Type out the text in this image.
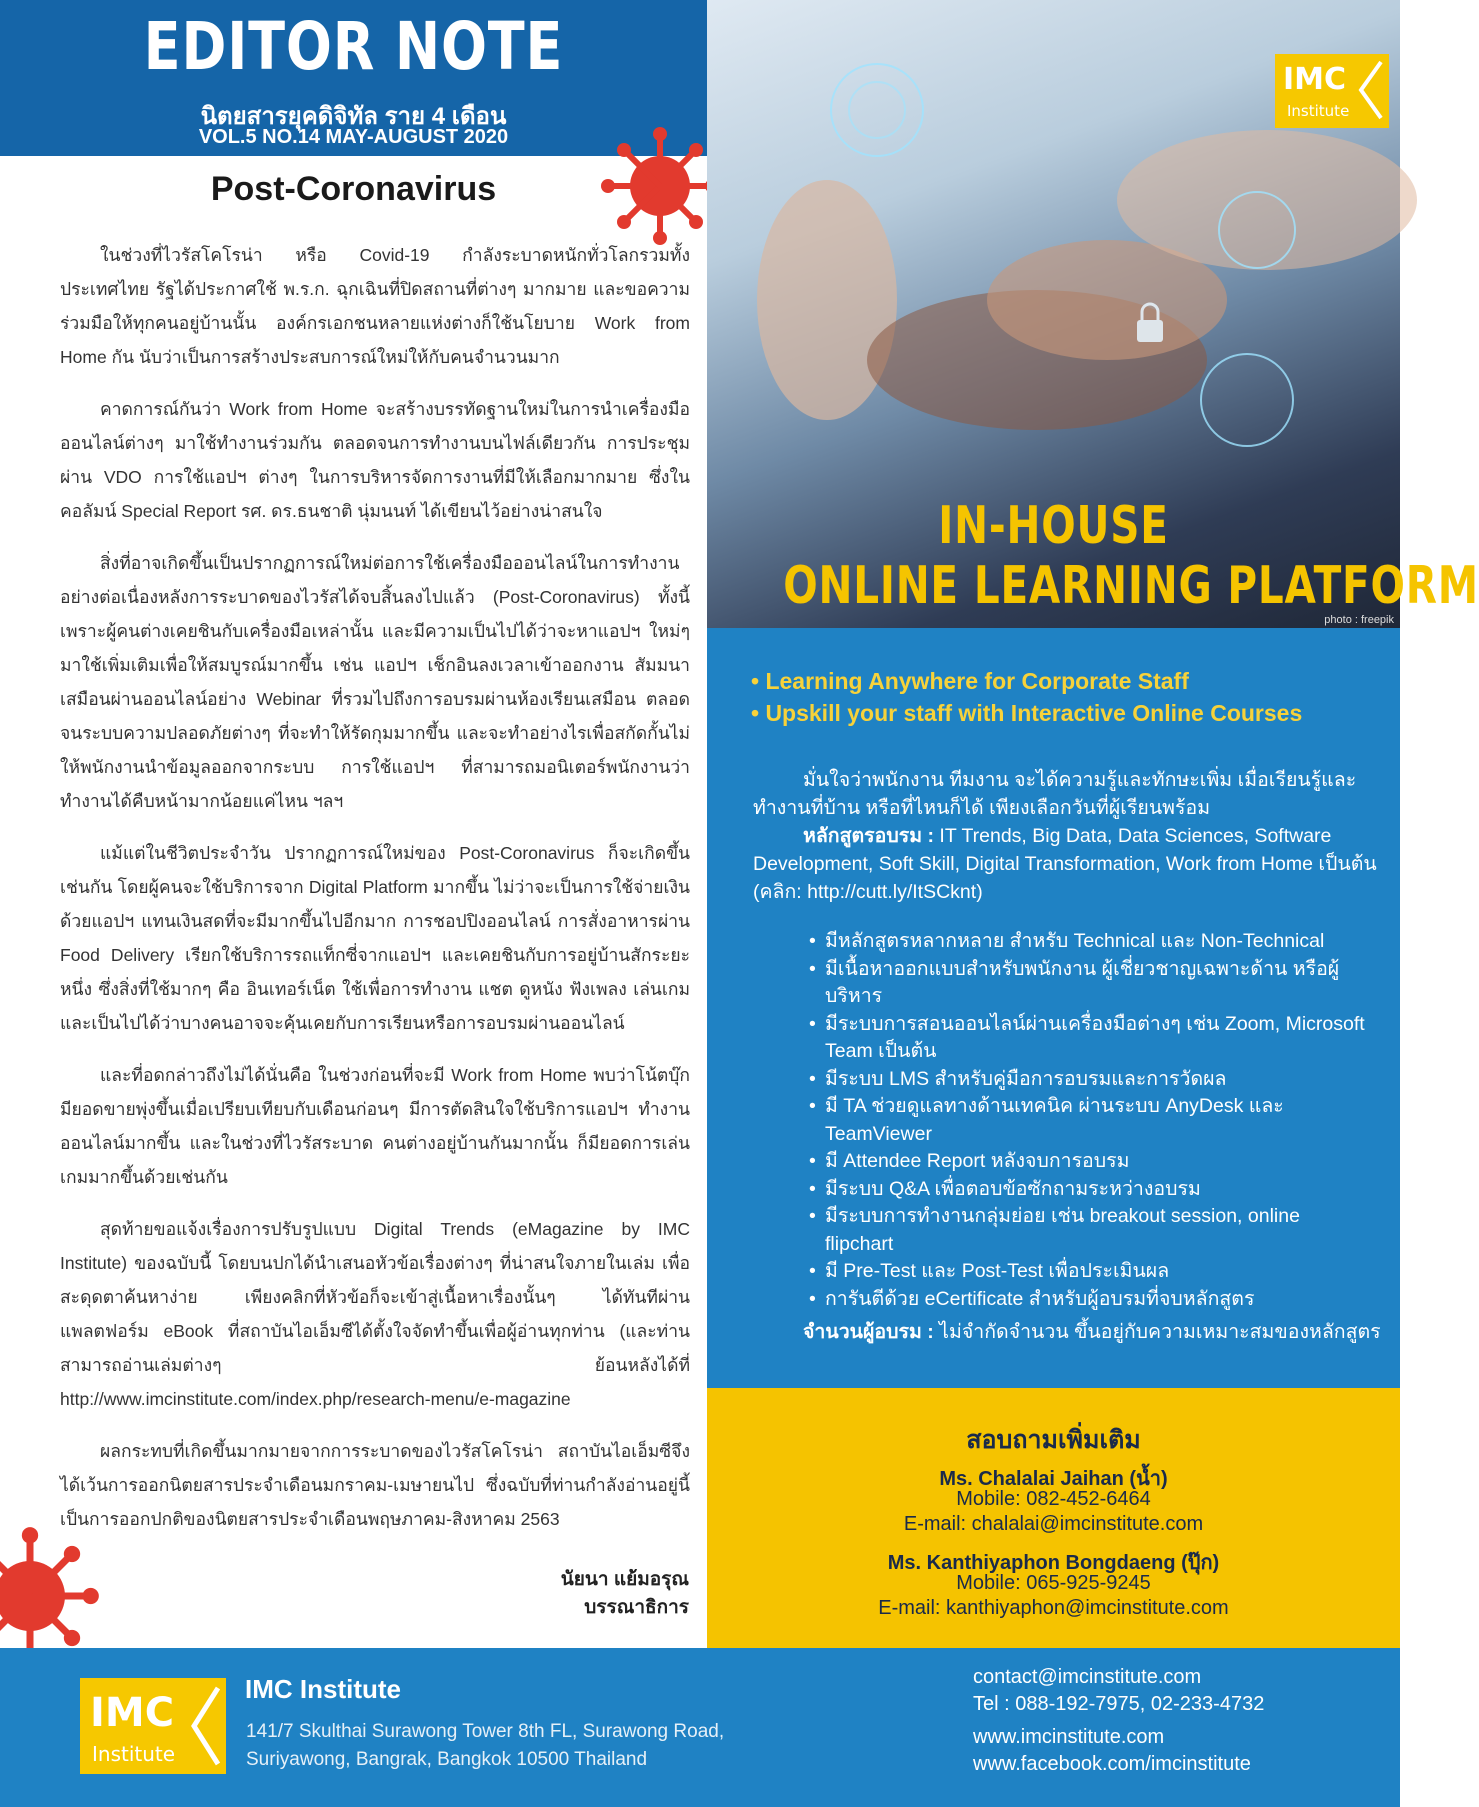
EDITOR NOTE
นิตยสารยุคดิจิทัล ราย 4 เดือน
VOL.5 NO.14 MAY-AUGUST 2020
Post-Coronavirus

ในช่วงที่ไวรัสโคโรน่า หรือ Covid-19 กำลังระบาดหนักทั่วโลกรวมทั้งประเทศไทย รัฐได้ประกาศใช้ พ.ร.ก. ฉุกเฉินที่ปิดสถานที่ต่างๆ มากมาย และขอความร่วมมือให้ทุกคนอยู่บ้านนั้น องค์กรเอกชนหลายแห่งต่างก็ใช้นโยบาย Work from Home กัน นับว่าเป็นการสร้างประสบการณ์ใหม่ให้กับคนจำนวนมาก

คาดการณ์กันว่า Work from Home จะสร้างบรรทัดฐานใหม่ในการนำเครื่องมือออนไลน์ต่างๆ มาใช้ทำงานร่วมกัน ตลอดจนการทำงานบนไฟล์เดียวกัน การประชุมผ่าน VDO การใช้แอปฯ ต่างๆ ในการบริหารจัดการงานที่มีให้เลือกมากมาย ซึ่งในคอลัมน์ Special Report รศ. ดร.ธนชาติ นุ่มนนท์ ได้เขียนไว้อย่างน่าสนใจ

สิ่งที่อาจเกิดขึ้นเป็นปรากฏการณ์ใหม่ต่อการใช้เครื่องมือออนไลน์ในการทำงานอย่างต่อเนื่องหลังการระบาดของไวรัสได้จบสิ้นลงไปแล้ว (Post-Coronavirus) ทั้งนี้เพราะผู้คนต่างเคยชินกับเครื่องมือเหล่านั้น และมีความเป็นไปได้ว่าจะหาแอปฯ ใหม่ๆ มาใช้เพิ่มเติมเพื่อให้สมบูรณ์มากขึ้น เช่น แอปฯ เช็กอินลงเวลาเข้าออกงาน สัมมนาเสมือนผ่านออนไลน์อย่าง Webinar ที่รวมไปถึงการอบรมผ่านห้องเรียนเสมือน ตลอดจนระบบความปลอดภัยต่างๆ ที่จะทำให้รัดกุมมากขึ้น และจะทำอย่างไรเพื่อสกัดกั้นไม่ให้พนักงานนำข้อมูลออกจากระบบ การใช้แอปฯ ที่สามารถมอนิเตอร์พนักงานว่าทำงานได้คืบหน้ามากน้อยแค่ไหน ฯลฯ

แม้แต่ในชีวิตประจำวัน ปรากฏการณ์ใหม่ของ Post-Coronavirus ก็จะเกิดขึ้นเช่นกัน โดยผู้คนจะใช้บริการจาก Digital Platform มากขึ้น ไม่ว่าจะเป็นการใช้จ่ายเงินด้วยแอปฯ แทนเงินสดที่จะมีมากขึ้นไปอีกมาก การชอปปิงออนไลน์ การสั่งอาหารผ่าน Food Delivery เรียกใช้บริการรถแท็กซี่จากแอปฯ และเคยชินกับการอยู่บ้านสักระยะหนึ่ง ซึ่งสิ่งที่ใช้มากๆ คือ อินเทอร์เน็ต ใช้เพื่อการทำงาน แชต ดูหนัง ฟังเพลง เล่นเกม และเป็นไปได้ว่าบางคนอาจจะคุ้นเคยกับการเรียนหรือการอบรมผ่านออนไลน์

และที่อดกล่าวถึงไม่ได้นั่นคือ ในช่วงก่อนที่จะมี Work from Home พบว่าโน้ตบุ๊กมียอดขายพุ่งขึ้นเมื่อเปรียบเทียบกับเดือนก่อนๆ มีการตัดสินใจใช้บริการแอปฯ ทำงานออนไลน์มากขึ้น และในช่วงที่ไวรัสระบาด คนต่างอยู่บ้านกันมากนั้น ก็มียอดการเล่นเกมมากขึ้นด้วยเช่นกัน

สุดท้ายขอแจ้งเรื่องการปรับรูปแบบ Digital Trends (eMagazine by IMC Institute) ของฉบับนี้ โดยบนปกได้นำเสนอหัวข้อเรื่องต่างๆ ที่น่าสนใจภายในเล่ม เพื่อสะดุดตาค้นหาง่าย เพียงคลิกที่หัวข้อก็จะเข้าสู่เนื้อหาเรื่องนั้นๆ ได้ทันทีผ่านแพลตฟอร์ม eBook ที่สถาบันไอเอ็มซีได้ตั้งใจจัดทำขึ้นเพื่อผู้อ่านทุกท่าน (และท่านสามารถอ่านเล่มต่างๆ ย้อนหลังได้ที่ http://www.imcinstitute.com/index.php/research-menu/e-magazine

ผลกระทบที่เกิดขึ้นมากมายจากการระบาดของไวรัสโคโรน่า สถาบันไอเอ็มซีจึงได้เว้นการออกนิตยสารประจำเดือนมกราคม-เมษายนไป ซึ่งฉบับที่ท่านกำลังอ่านอยู่นี้เป็นการออกปกติของนิตยสารประจำเดือนพฤษภาคม-สิงหาคม 2563

นัยนา แย้มอรุณ
บรรณาธิการ
IN-HOUSE
ONLINE LEARNING PLATFORM
photo : freepik
IMC
Institute
• Learning Anywhere for Corporate Staff
• Upskill your staff with Interactive Online Courses
มั่นใจว่าพนักงาน ทีมงาน จะได้ความรู้และทักษะเพิ่ม เมื่อเรียนรู้และทำงานที่บ้าน หรือที่ไหนก็ได้ เพียงเลือกวันที่ผู้เรียนพร้อม
หลักสูตรอบรม : IT Trends, Big Data, Data Sciences, Software Development, Soft Skill, Digital Transformation, Work from Home เป็นต้น (คลิก: http://cutt.ly/ItSCknt)
• มีหลักสูตรหลากหลาย สำหรับ Technical และ Non-Technical
• มีเนื้อหาออกแบบสำหรับพนักงาน ผู้เชี่ยวชาญเฉพาะด้าน หรือผู้บริหาร
• มีระบบการสอนออนไลน์ผ่านเครื่องมือต่างๆ เช่น Zoom, Microsoft Team เป็นต้น
• มีระบบ LMS สำหรับคู่มือการอบรมและการวัดผล
• มี TA ช่วยดูแลทางด้านเทคนิค ผ่านระบบ AnyDesk และ TeamViewer
• มี Attendee Report หลังจบการอบรม
• มีระบบ Q&A เพื่อตอบข้อซักถามระหว่างอบรม
• มีระบบการทำงานกลุ่มย่อย เช่น breakout session, online flipchart
• มี Pre-Test และ Post-Test เพื่อประเมินผล
• การันตีด้วย eCertificate สำหรับผู้อบรมที่จบหลักสูตร
จำนวนผู้อบรม : ไม่จำกัดจำนวน ขึ้นอยู่กับความเหมาะสมของหลักสูตร
สอบถามเพิ่มเติม
Ms. Chalalai Jaihan (น้ำ)
Mobile: 082-452-6464
E-mail: chalalai@imcinstitute.com
Ms. Kanthiyaphon Bongdaeng (ปุ๊ก)
Mobile: 065-925-9245
E-mail: kanthiyaphon@imcinstitute.com
IMC
Institute
IMC Institute
141/7 Skulthai Surawong Tower 8th FL, Surawong Road,
Suriyawong, Bangrak, Bangkok 10500 Thailand
contact@imcinstitute.com
Tel : 088-192-7975, 02-233-4732
www.imcinstitute.com
www.facebook.com/imcinstitute
